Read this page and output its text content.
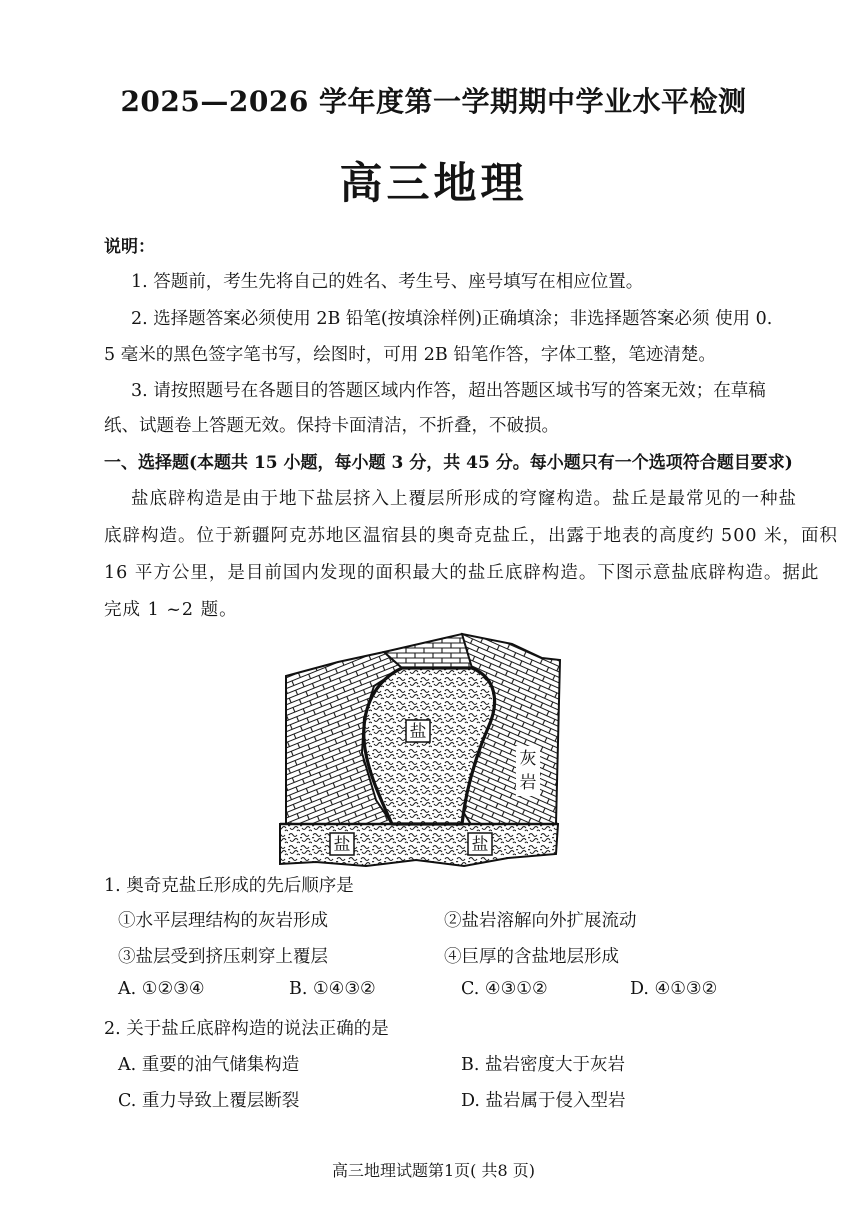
2025—2026 学年度第一学期期中学业水平检测
高三地理
说明：
1. 答题前，考生先将自己的姓名、考生号、座号填写在相应位置。
2. 选择题答案必须使用 2B 铅笔(按填涂样例)正确填涂；非选择题答案必须 使用 0.
5 毫米的黑色签字笔书写，绘图时，可用 2B 铅笔作答，字体工整，笔迹清楚。
3. 请按照题号在各题目的答题区域内作答，超出答题区域书写的答案无效；在草稿
纸、试题卷上答题无效。保持卡面清洁，不折叠，不破损。
一、选择题(本题共 15 小题，每小题 3 分，共 45 分。每小题只有一个选项符合题目要求)
盐底辟构造是由于地下盐层挤入上覆层所形成的穹窿构造。盐丘是最常见的一种盐
底辟构造。位于新疆阿克苏地区温宿县的奥奇克盐丘，出露于地表的高度约 500 米，面积
16 平方公里，是目前国内发现的面积最大的盐丘底辟构造。下图示意盐底辟构造。据此
完成 1 ~2 题。
盐
盐	盐
灰
岩
1. 奥奇克盐丘形成的先后顺序是
①水平层理结构的灰岩形成	②盐岩溶解向外扩展流动
③盐层受到挤压刺穿上覆层	④巨厚的含盐地层形成
A. ①②③④	B. ①④③②	C. ④③①②	D. ④①③②
2. 关于盐丘底辟构造的说法正确的是
A. 重要的油气储集构造	B. 盐岩密度大于灰岩
C. 重力导致上覆层断裂	D. 盐岩属于侵入型岩
高三地理试题第1页( 共8 页)
